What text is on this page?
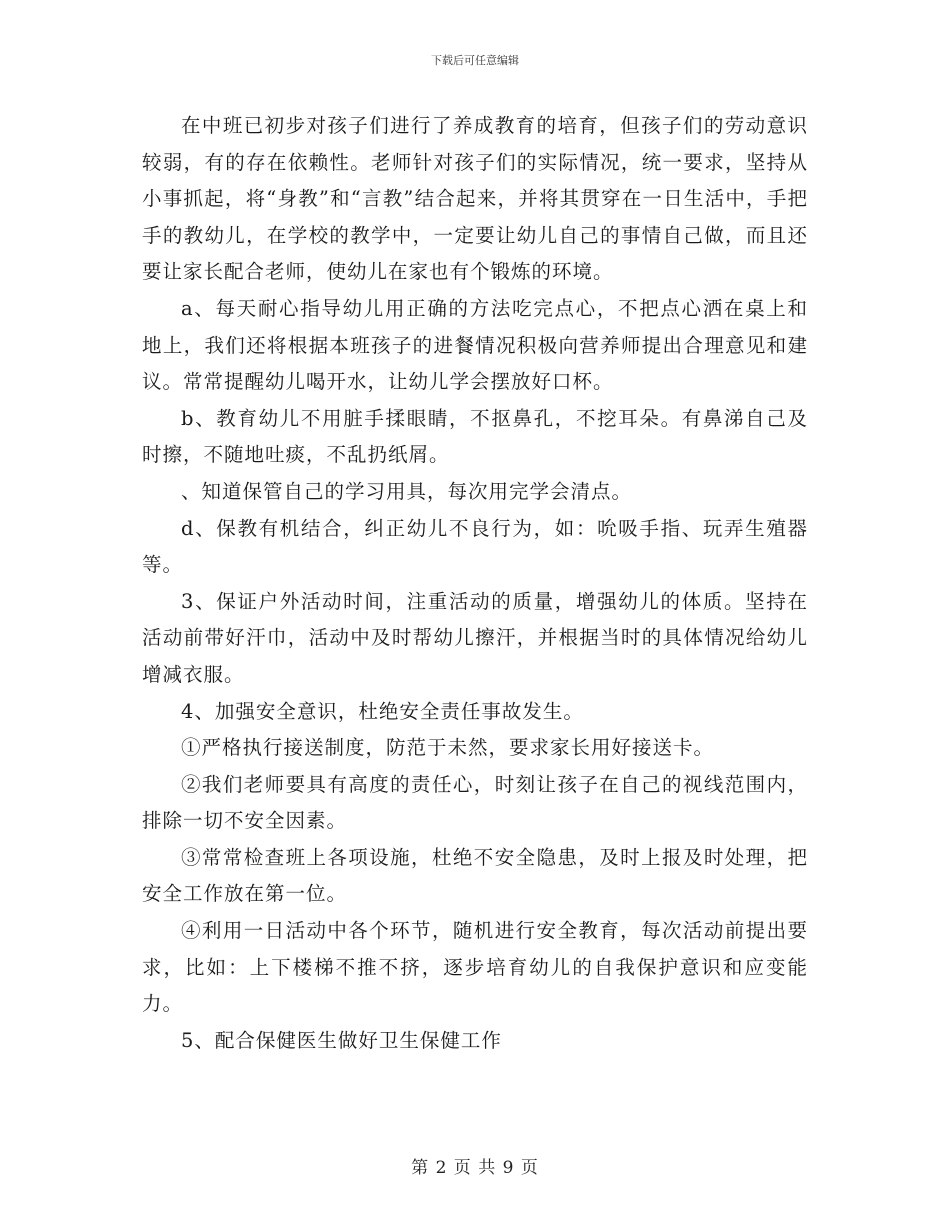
下载后可任意编辑

在中班已初步对孩子们进行了养成教育的培育，但孩子们的劳动意识较弱，有的存在依赖性。老师针对孩子们的实际情况，统一要求，坚持从小事抓起，将“身教”和“言教”结合起来，并将其贯穿在一日生活中，手把手的教幼儿，在学校的教学中，一定要让幼儿自己的事情自己做，而且还要让家长配合老师，使幼儿在家也有个锻炼的环境。

a、每天耐心指导幼儿用正确的方法吃完点心，不把点心洒在桌上和地上，我们还将根据本班孩子的进餐情况积极向营养师提出合理意见和建议。常常提醒幼儿喝开水，让幼儿学会摆放好口杯。

b、教育幼儿不用脏手揉眼睛，不抠鼻孔，不挖耳朵。有鼻涕自己及时擦，不随地吐痰，不乱扔纸屑。

、知道保管自己的学习用具，每次用完学会清点。

d、保教有机结合，纠正幼儿不良行为，如：吮吸手指、玩弄生殖器等。

3、保证户外活动时间，注重活动的质量，增强幼儿的体质。坚持在活动前带好汗巾，活动中及时帮幼儿擦汗，并根据当时的具体情况给幼儿增减衣服。

4、加强安全意识，杜绝安全责任事故发生。

①严格执行接送制度，防范于未然，要求家长用好接送卡。

②我们老师要具有高度的责任心，时刻让孩子在自己的视线范围内，排除一切不安全因素。

③常常检查班上各项设施，杜绝不安全隐患，及时上报及时处理，把安全工作放在第一位。

④利用一日活动中各个环节，随机进行安全教育，每次活动前提出要求，比如：上下楼梯不推不挤，逐步培育幼儿的自我保护意识和应变能力。

5、配合保健医生做好卫生保健工作

第 2 页 共 9 页
